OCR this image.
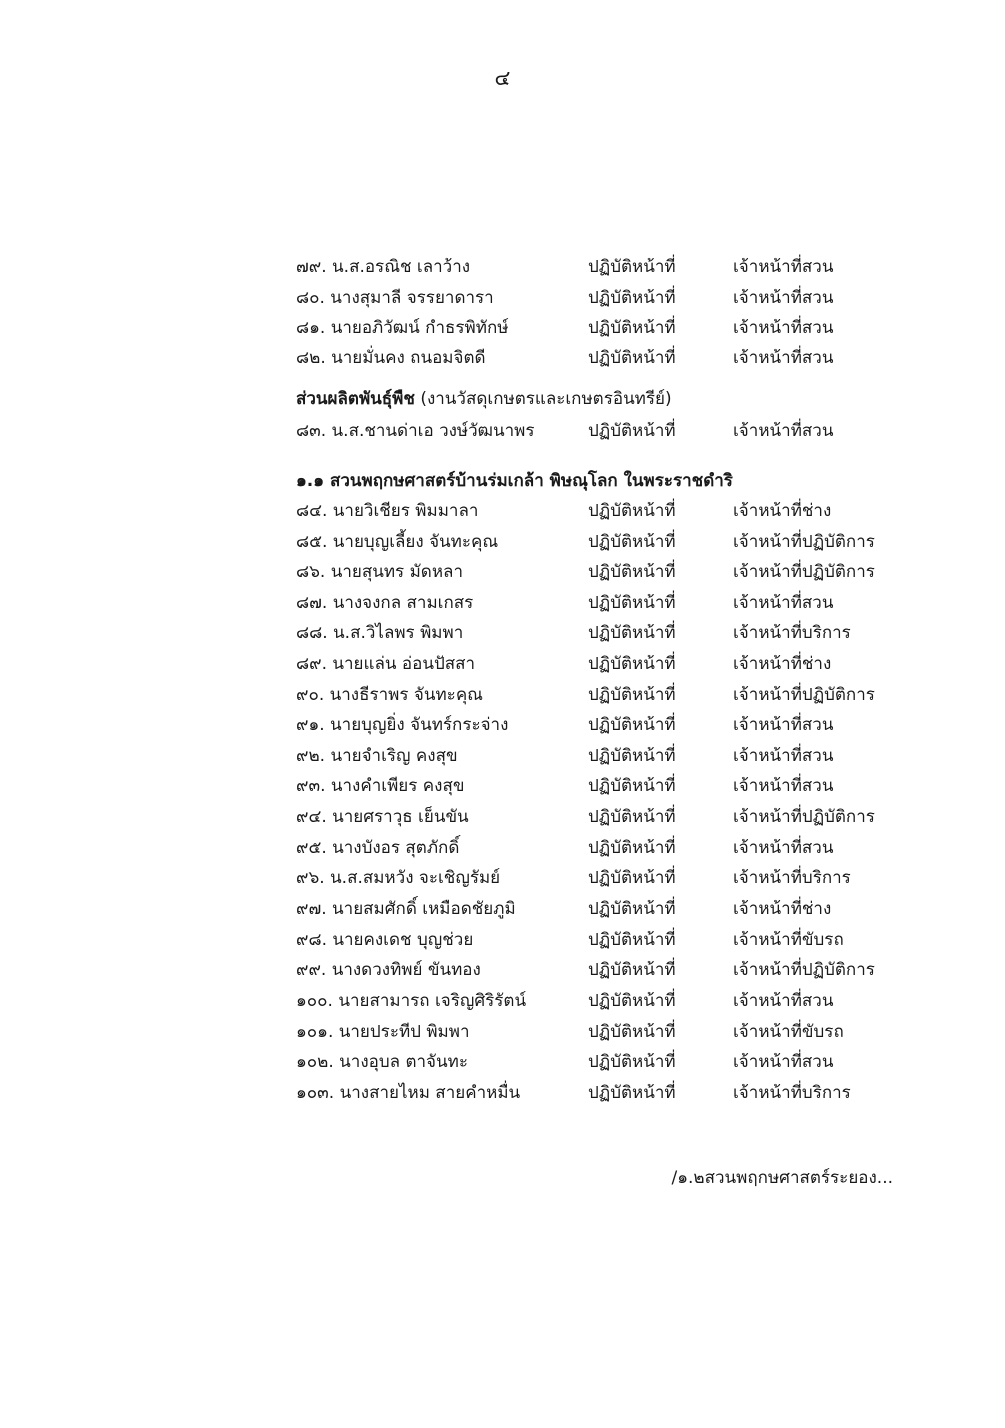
๔
๗๙. น.ส.อรณิช เลาว้าง	ปฏิบัติหน้าที่	เจ้าหน้าที่สวน
๘๐. นางสุมาลี จรรยาดารา	ปฏิบัติหน้าที่	เจ้าหน้าที่สวน
๘๑. นายอภิวัฒน์ กำธรพิทักษ์	ปฏิบัติหน้าที่	เจ้าหน้าที่สวน
๘๒. นายมั่นคง ถนอมจิตดี	ปฏิบัติหน้าที่	เจ้าหน้าที่สวน
ส่วนผลิตพันธุ์พืช (งานวัสดุเกษตรและเกษตรอินทรีย์)
๘๓. น.ส.ชานด่าเอ วงษ์วัฒนาพร	ปฏิบัติหน้าที่	เจ้าหน้าที่สวน
๑.๑ สวนพฤกษศาสตร์บ้านร่มเกล้า พิษณุโลก ในพระราชดำริ
๘๔. นายวิเชียร พิมมาลา	ปฏิบัติหน้าที่	เจ้าหน้าที่ช่าง
๘๕. นายบุญเลี้ยง จันทะคุณ	ปฏิบัติหน้าที่	เจ้าหน้าที่ปฏิบัติการ
๘๖. นายสุนทร มัดหลา	ปฏิบัติหน้าที่	เจ้าหน้าที่ปฏิบัติการ
๘๗. นางจงกล สามเกสร	ปฏิบัติหน้าที่	เจ้าหน้าที่สวน
๘๘. น.ส.วิไลพร พิมพา	ปฏิบัติหน้าที่	เจ้าหน้าที่บริการ
๘๙. นายแล่น อ่อนปัสสา	ปฏิบัติหน้าที่	เจ้าหน้าที่ช่าง
๙๐. นางธีราพร จันทะคุณ	ปฏิบัติหน้าที่	เจ้าหน้าที่ปฏิบัติการ
๙๑. นายบุญยิ่ง จันทร์กระจ่าง	ปฏิบัติหน้าที่	เจ้าหน้าที่สวน
๙๒. นายจำเริญ คงสุข	ปฏิบัติหน้าที่	เจ้าหน้าที่สวน
๙๓. นางคำเพียร คงสุข	ปฏิบัติหน้าที่	เจ้าหน้าที่สวน
๙๔. นายศราวุธ เย็นขัน	ปฏิบัติหน้าที่	เจ้าหน้าที่ปฏิบัติการ
๙๕. นางบังอร สุตภักดิ์	ปฏิบัติหน้าที่	เจ้าหน้าที่สวน
๙๖. น.ส.สมหวัง จะเชิญรัมย์	ปฏิบัติหน้าที่	เจ้าหน้าที่บริการ
๙๗. นายสมศักดิ์ เหมือดชัยภูมิ	ปฏิบัติหน้าที่	เจ้าหน้าที่ช่าง
๙๘. นายคงเดช บุญช่วย	ปฏิบัติหน้าที่	เจ้าหน้าที่ขับรถ
๙๙. นางดวงทิพย์ ขันทอง	ปฏิบัติหน้าที่	เจ้าหน้าที่ปฏิบัติการ
๑๐๐. นายสามารถ เจริญศิริรัตน์	ปฏิบัติหน้าที่	เจ้าหน้าที่สวน
๑๐๑. นายประทีป พิมพา	ปฏิบัติหน้าที่	เจ้าหน้าที่ขับรถ
๑๐๒. นางอุบล ตาจันทะ	ปฏิบัติหน้าที่	เจ้าหน้าที่สวน
๑๐๓. นางสายไหม สายคำหมื่น	ปฏิบัติหน้าที่	เจ้าหน้าที่บริการ
/๑.๒สวนพฤกษศาสตร์ระยอง...
